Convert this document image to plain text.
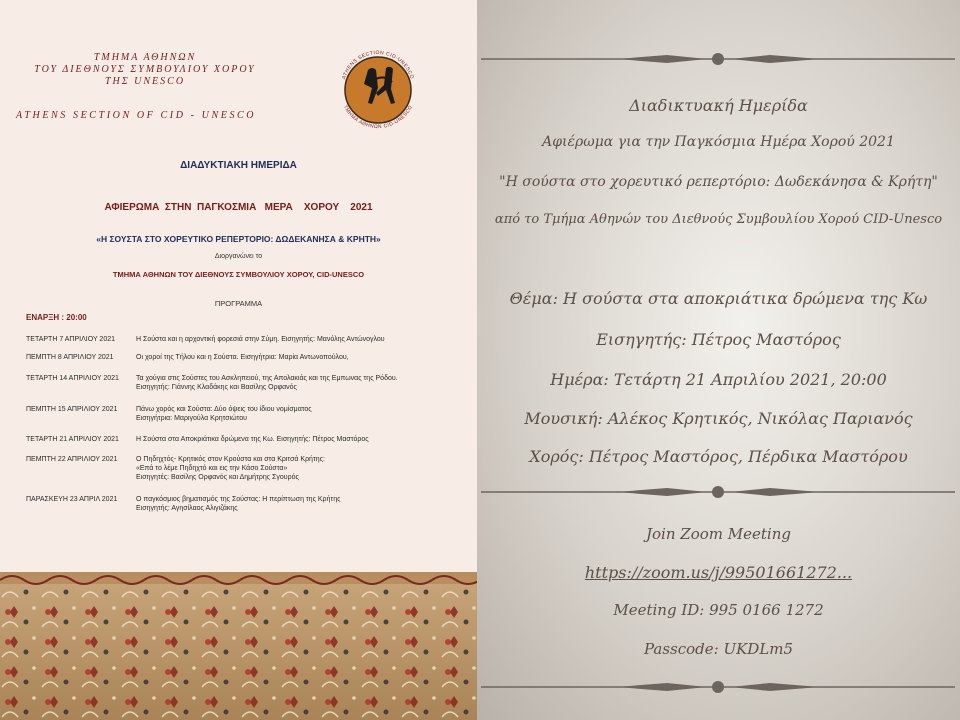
ΤΜΗΜΑ ΑΘΗΝΩΝ
ΤΟΥ ΔΙΕΘΝΟΥΣ ΣΥΜΒΟΥΛΙΟΥ ΧΟΡΟΥ
ΤΗΣ UNESCO
ATHENS SECTION OF CID - UNESCO
ATHENS SECTION CID-UNESCO
ΤΜΗΜΑ ΑΘΗΝΩΝ CID-UNESCO
ΔΙΑΔΥΚΤΙΑΚΗ ΗΜΕΡΙΔΑ
ΑΦΙΕΡΩΜΑ  ΣΤΗΝ  ΠΑΓΚΟΣΜΙΑ   ΜΕΡΑ    ΧΟΡΟΥ    2021
«Η ΣΟΥΣΤΑ ΣΤΟ ΧΟΡΕΥΤΙΚΟ ΡΕΠΕΡΤΟΡΙΟ: ΔΩΔΕΚΑΝΗΣΑ & ΚΡΗΤΗ»
Διοργανώνει το
ΤΜΗΜΑ ΑΘΗΝΩΝ ΤΟΥ ΔΙΕΘΝΟΥΣ ΣΥΜΒΟΥΛΙΟΥ ΧΟΡΟΥ, CID-UNESCO
ΠΡΟΓΡΑΜΜΑ
ΕΝΑΡΞΗ : 20:00
ΤΕΤΑΡΤΗ 7 ΑΠΡΙΛΙΟΥ 2021	Η Σούστα και η αρχοντική φορεσιά στην Σύμη. Εισηγητής: Μανόλης Αντώνογλου
ΠΕΜΠΤΗ 8 ΑΠΡΙΛΙΟΥ 2021	Οι χοροί της Τήλου και η Σούστα. Εισηγήτρια: Μαρία Αντωνοπούλου,
ΤΕΤΑΡΤΗ 14 ΑΠΡΙΛΙΟΥ 2021	Τα χούγια στις Σούστες του Ασκληπειού, της Απολακιάς και της Εμπωνας της Ρόδου.
Εισηγητής: Γιάννης Κλαδάκης και Βασίλης Ορφανός
ΠΕΜΠΤΗ 15 ΑΠΡΙΛΙΟΥ 2021	Πάνω χορός και Σούστα: Δύο όψεις του ίδιου νομίσματος
Εισηγήτρια: Μαριγούλα Κρητσιώτου
ΤΕΤΑΡΤΗ 21 ΑΠΡΙΛΙΟΥ 2021	Η Σούστα στα Αποκριάτικα δρώμενα της Κω. Εισηγητής: Πέτρος Μαστόρος
ΠΕΜΠΤΗ 22 ΑΠΡΙΛΙΟΥ 2021	Ο Πηδηχτός- Κρητικός στον Κρούστα και στα Κριτσά Κρήτης:
«Επά το λέμε Πηδηχτό και εις την Κάσο Σούστα»
Εισηγητές: Βασίλης Ορφανός και Δημήτρης Σγουρός
ΠΑΡΑΣΚΕΥΗ 23 ΑΠΡΙΛ 2021	Ο παγκόσμιος βηματισμός της Σούστας: Η περίπτωση της Κρήτης
Εισηγητής: Αγησίλαος Αλιγιζάκης
Διαδικτυακή Ημερίδα
Αφιέρωμα για την Παγκόσμια Ημέρα Χορού 2021
"Η σούστα στο χορευτικό ρεπερτόριο: Δωδεκάνησα & Κρήτη"
από το Τμήμα Αθηνών του Διεθνούς Συμβουλίου Χορού CID-Unesco
Θέμα: Η σούστα στα αποκριάτικα δρώμενα της Κω
Εισηγητής: Πέτρος Μαστόρος
Ημέρα: Τετάρτη 21 Απριλίου 2021, 20:00
Μουσική: Αλέκος Κρητικός, Νικόλας Παριανός
Χορός: Πέτρος Μαστόρος, Πέρδικα Μαστόρου
Join Zoom Meeting
https://zoom.us/j/99501661272...
Meeting ID: 995 0166 1272
Passcode: UKDLm5
